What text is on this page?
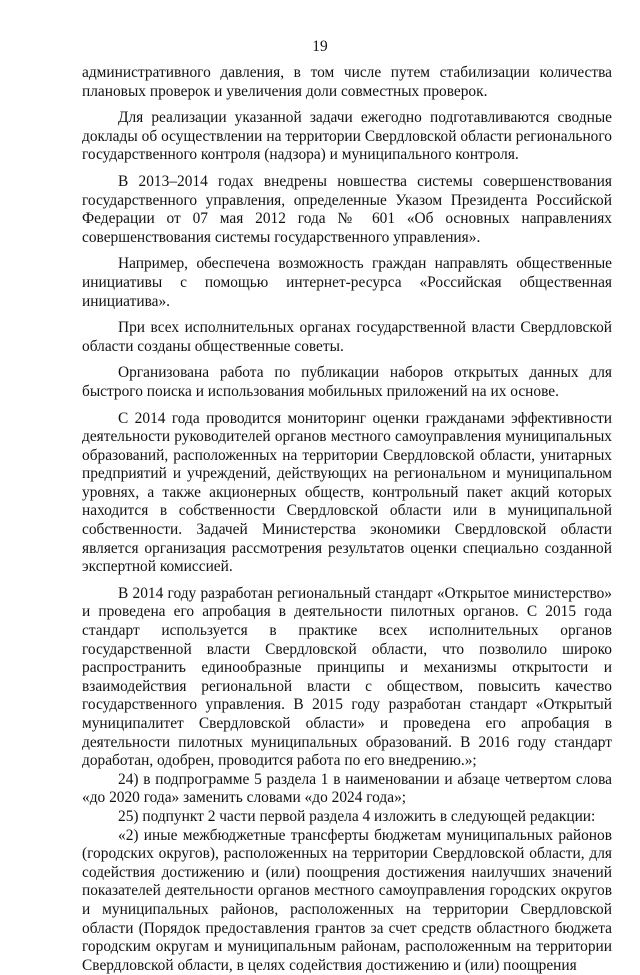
19

административного давления, в том числе путем стабилизации количества плановых проверок и увеличения доли совместных проверок.

Для реализации указанной задачи ежегодно подготавливаются сводные доклады об осуществлении на территории Свердловской области регионального государственного контроля (надзора) и муниципального контроля.

В 2013–2014 годах внедрены новшества системы совершенствования государственного управления, определенные Указом Президента Российской Федерации от 07 мая 2012 года № 601 «Об основных направлениях совершенствования системы государственного управления».

Например, обеспечена возможность граждан направлять общественные инициативы с помощью интернет-ресурса «Российская общественная инициатива».

При всех исполнительных органах государственной власти Свердловской области созданы общественные советы.

Организована работа по публикации наборов открытых данных для быстрого поиска и использования мобильных приложений на их основе.

С 2014 года проводится мониторинг оценки гражданами эффективности деятельности руководителей органов местного самоуправления муниципальных образований, расположенных на территории Свердловской области, унитарных предприятий и учреждений, действующих на региональном и муниципальном уровнях, а также акционерных обществ, контрольный пакет акций которых находится в собственности Свердловской области или в муниципальной собственности. Задачей Министерства экономики Свердловской области является организация рассмотрения результатов оценки специально созданной экспертной комиссией.

В 2014 году разработан региональный стандарт «Открытое министерство» и проведена его апробация в деятельности пилотных органов. С 2015 года стандарт используется в практике всех исполнительных органов государственной власти Свердловской области, что позволило широко распространить единообразные принципы и механизмы открытости и взаимодействия региональной власти с обществом, повысить качество государственного управления. В 2015 году разработан стандарт «Открытый муниципалитет Свердловской области» и проведена его апробация в деятельности пилотных муниципальных образований. В 2016 году стандарт доработан, одобрен, проводится работа по его внедрению.»;

24) в подпрограмме 5 раздела 1 в наименовании и абзаце четвертом слова «до 2020 года» заменить словами «до 2024 года»;

25) подпункт 2 части первой раздела 4 изложить в следующей редакции:

«2) иные межбюджетные трансферты бюджетам муниципальных районов (городских округов), расположенных на территории Свердловской области, для содействия достижению и (или) поощрения достижения наилучших значений показателей деятельности органов местного самоуправления городских округов и муниципальных районов, расположенных на территории Свердловской области (Порядок предоставления грантов за счет средств областного бюджета городским округам и муниципальным районам, расположенным на территории Свердловской области, в целях содействия достижению и (или) поощрения
